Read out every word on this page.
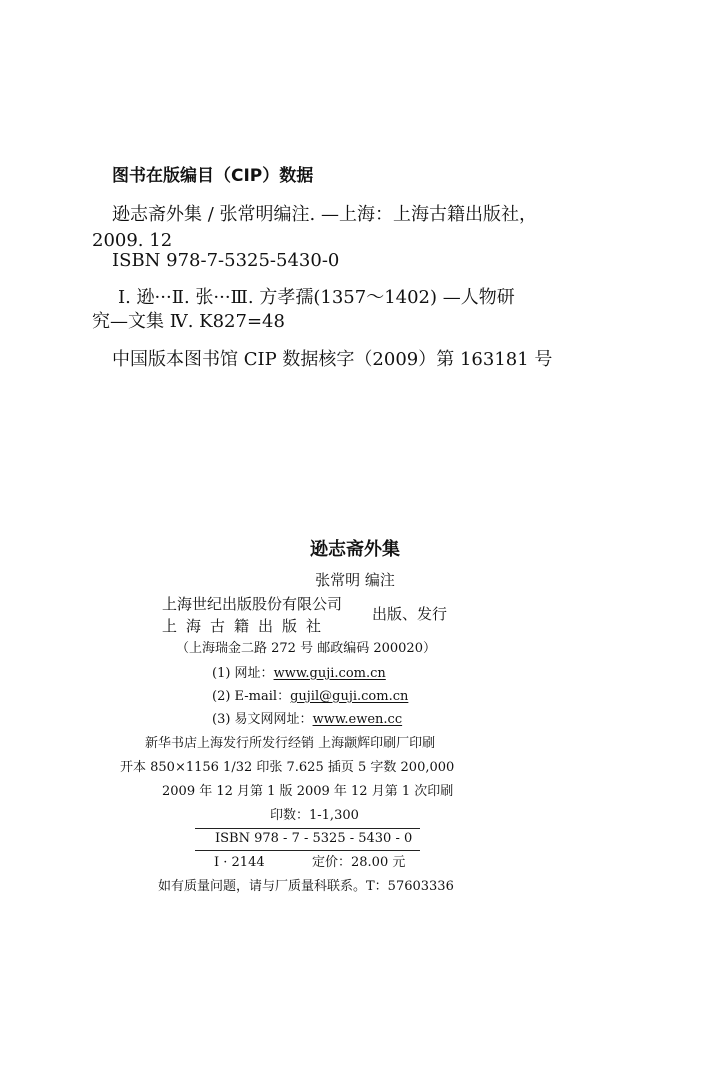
图书在版编目（CIP）数据
逊志斋外集 / 张常明编注. —上海：上海古籍出版社，
2009. 12
ISBN 978-7-5325-5430-0
Ⅰ. 逊···Ⅱ. 张···Ⅲ. 方孝孺(1357～1402) —人物研
究—文集 Ⅳ. K827=48
中国版本图书馆 CIP 数据核字（2009）第 163181 号
逊志斋外集
张常明 编注
上海世纪出版股份有限公司
上海古籍出版社
出版、发行
（上海瑞金二路 272 号 邮政编码 200020）
(1) 网址：www.guji.com.cn
(2) E-mail：gujil@guji.com.cn
(3) 易文网网址：www.ewen.cc
新华书店上海发行所发行经销 上海颛辉印刷厂印刷
开本 850×1156 1/32 印张 7.625 插页 5 字数 200,000
2009 年 12 月第 1 版 2009 年 12 月第 1 次印刷
印数：1-1,300
ISBN 978 - 7 - 5325 - 5430 - 0
I · 2144	定价：28.00 元
如有质量问题，请与厂质量科联系。T：57603336
